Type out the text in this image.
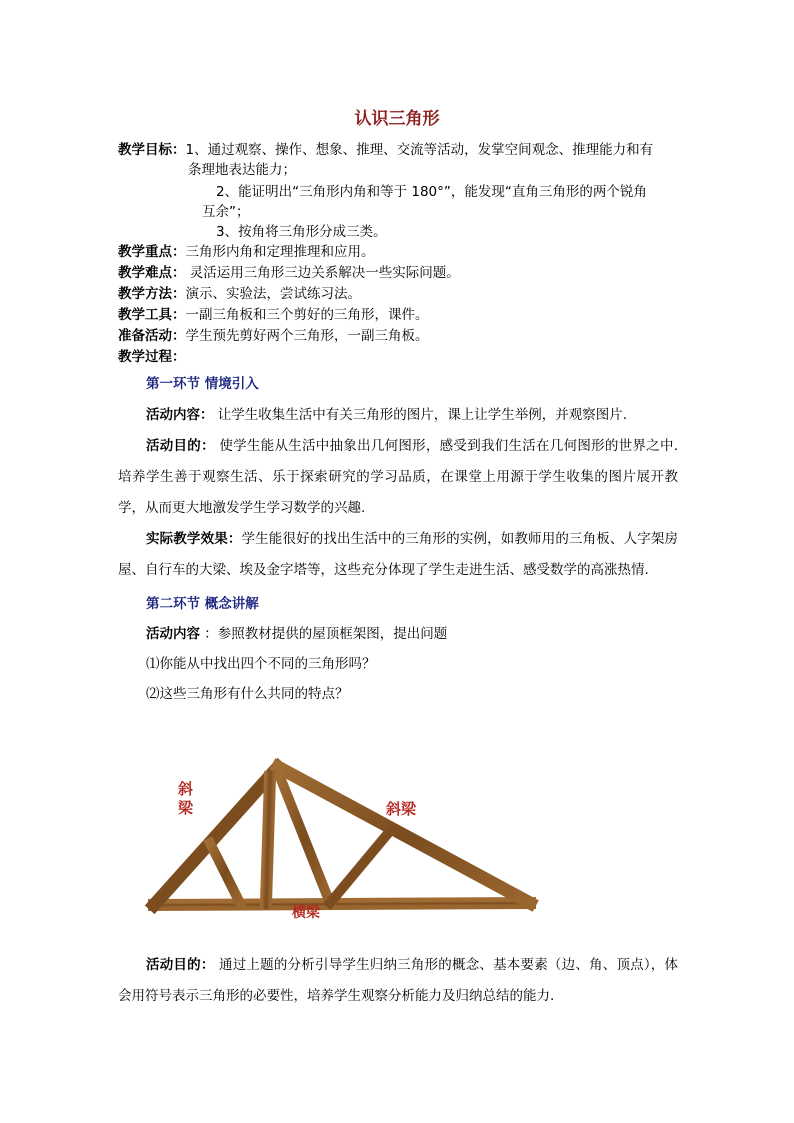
认识三角形
教学目标：1、通过观察、操作、想象、推理、交流等活动，发掌空间观念、推理能力和有
条理地表达能力；
2、能证明出“三角形内角和等于 180°”，能发现“直角三角形的两个锐角
互余”；
3、按角将三角形分成三类。
教学重点：三角形内角和定理推理和应用。
教学难点： 灵活运用三角形三边关系解决一些实际问题。
教学方法：演示、实验法，尝试练习法。
教学工具：一副三角板和三个剪好的三角形，课件。
准备活动：学生预先剪好两个三角形，一副三角板。
教学过程：
第一环节 情境引入
活动内容： 让学生收集生活中有关三角形的图片，课上让学生举例，并观察图片.
活动目的： 使学生能从生活中抽象出几何图形，感受到我们生活在几何图形的世界之中. 培养学生善于观察生活、乐于探索研究的学习品质，在课堂上用源于学生收集的图片展开教学，从而更大地激发学生学习数学的兴趣.
实际教学效果：学生能很好的找出生活中的三角形的实例，如教师用的三角板、人字架房屋、自行车的大梁、埃及金字塔等，这些充分体现了学生走进生活、感受数学的高涨热情.
第二环节 概念讲解
活动内容 ：参照教材提供的屋顶框架图，提出问题
⑴你能从中找出四个不同的三角形吗？
⑵这些三角形有什么共同的特点？
斜
梁	斜梁
横梁
活动目的： 通过上题的分析引导学生归纳三角形的概念、基本要素（边、角、顶点），体会用符号表示三角形的必要性，培养学生观察分析能力及归纳总结的能力.
